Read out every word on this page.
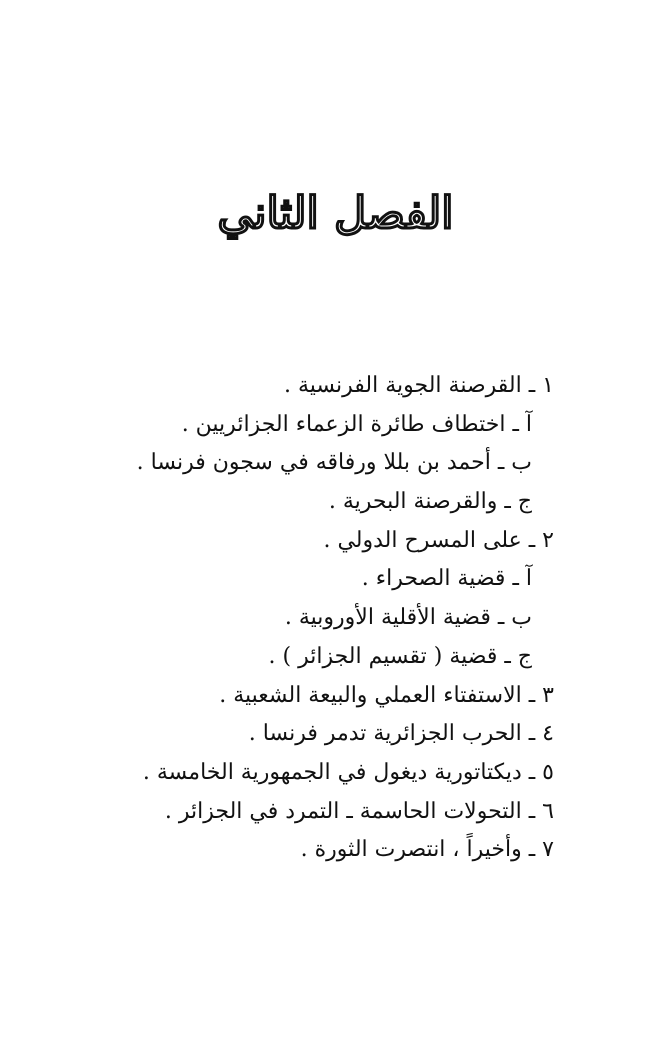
الفصل الثاني
١ ـ القرصنة الجوية الفرنسية .
آ ـ اختطاف طائرة الزعماء الجزائريين .
ب ـ أحمد بن بللا ورفاقه في سجون فرنسا .
ج ـ والقرصنة البحرية .
٢ ـ على المسرح الدولي .
آ ـ قضية الصحراء .
ب ـ قضية الأقلية الأوروبية .
ج ـ قضية ( تقسيم الجزائر ) .
٣ ـ الاستفتاء العملي والبيعة الشعبية .
٤ ـ الحرب الجزائرية تدمر فرنسا .
٥ ـ ديكتاتورية ديغول في الجمهورية الخامسة .
٦ ـ التحولات الحاسمة ـ التمرد في الجزائر .
٧ ـ وأخيراً ، انتصرت الثورة .
